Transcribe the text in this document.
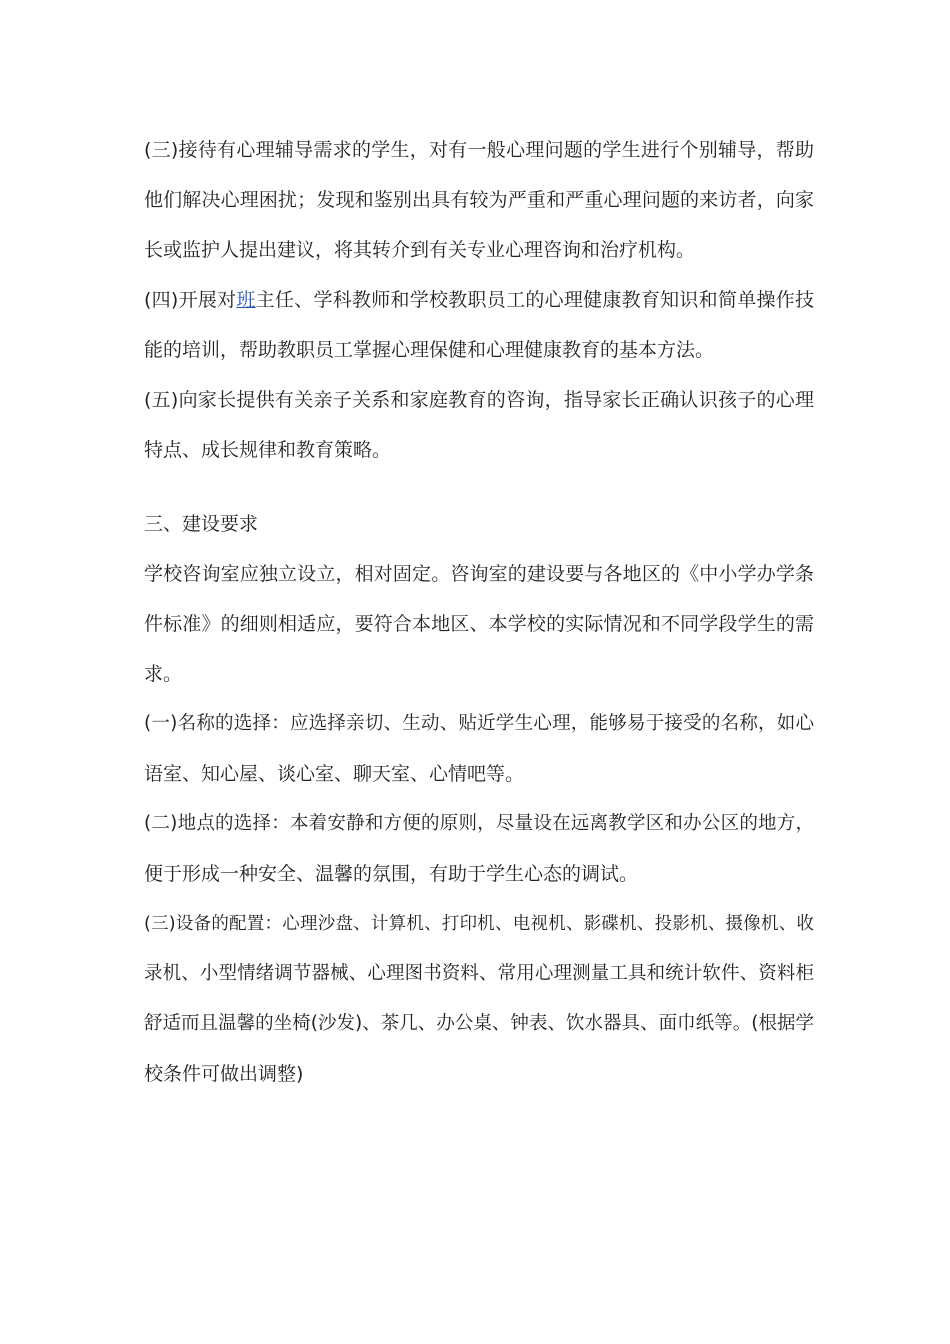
(三)接待有心理辅导需求的学生，对有一般心理问题的学生进行个别辅导，帮助
他们解决心理困扰；发现和鉴别出具有较为严重和严重心理问题的来访者，向家
长或监护人提出建议，将其转介到有关专业心理咨询和治疗机构。
(四)开展对班主任、学科教师和学校教职员工的心理健康教育知识和简单操作技
能的培训，帮助教职员工掌握心理保健和心理健康教育的基本方法。
(五)向家长提供有关亲子关系和家庭教育的咨询，指导家长正确认识孩子的心理
特点、成长规律和教育策略。
三、建设要求
学校咨询室应独立设立，相对固定。咨询室的建设要与各地区的《中小学办学条
件标准》的细则相适应，要符合本地区、本学校的实际情况和不同学段学生的需
求。
(一)名称的选择：应选择亲切、生动、贴近学生心理，能够易于接受的名称，如心
语室、知心屋、谈心室、聊天室、心情吧等。
(二)地点的选择：本着安静和方便的原则，尽量设在远离教学区和办公区的地方，
便于形成一种安全、温馨的氛围，有助于学生心态的调试。
(三)设备的配置：心理沙盘、计算机、打印机、电视机、影碟机、投影机、摄像机、收
录机、小型情绪调节器械、心理图书资料、常用心理测量工具和统计软件、资料柜
舒适而且温馨的坐椅(沙发)、茶几、办公桌、钟表、饮水器具、面巾纸等。(根据学
校条件可做出调整)
